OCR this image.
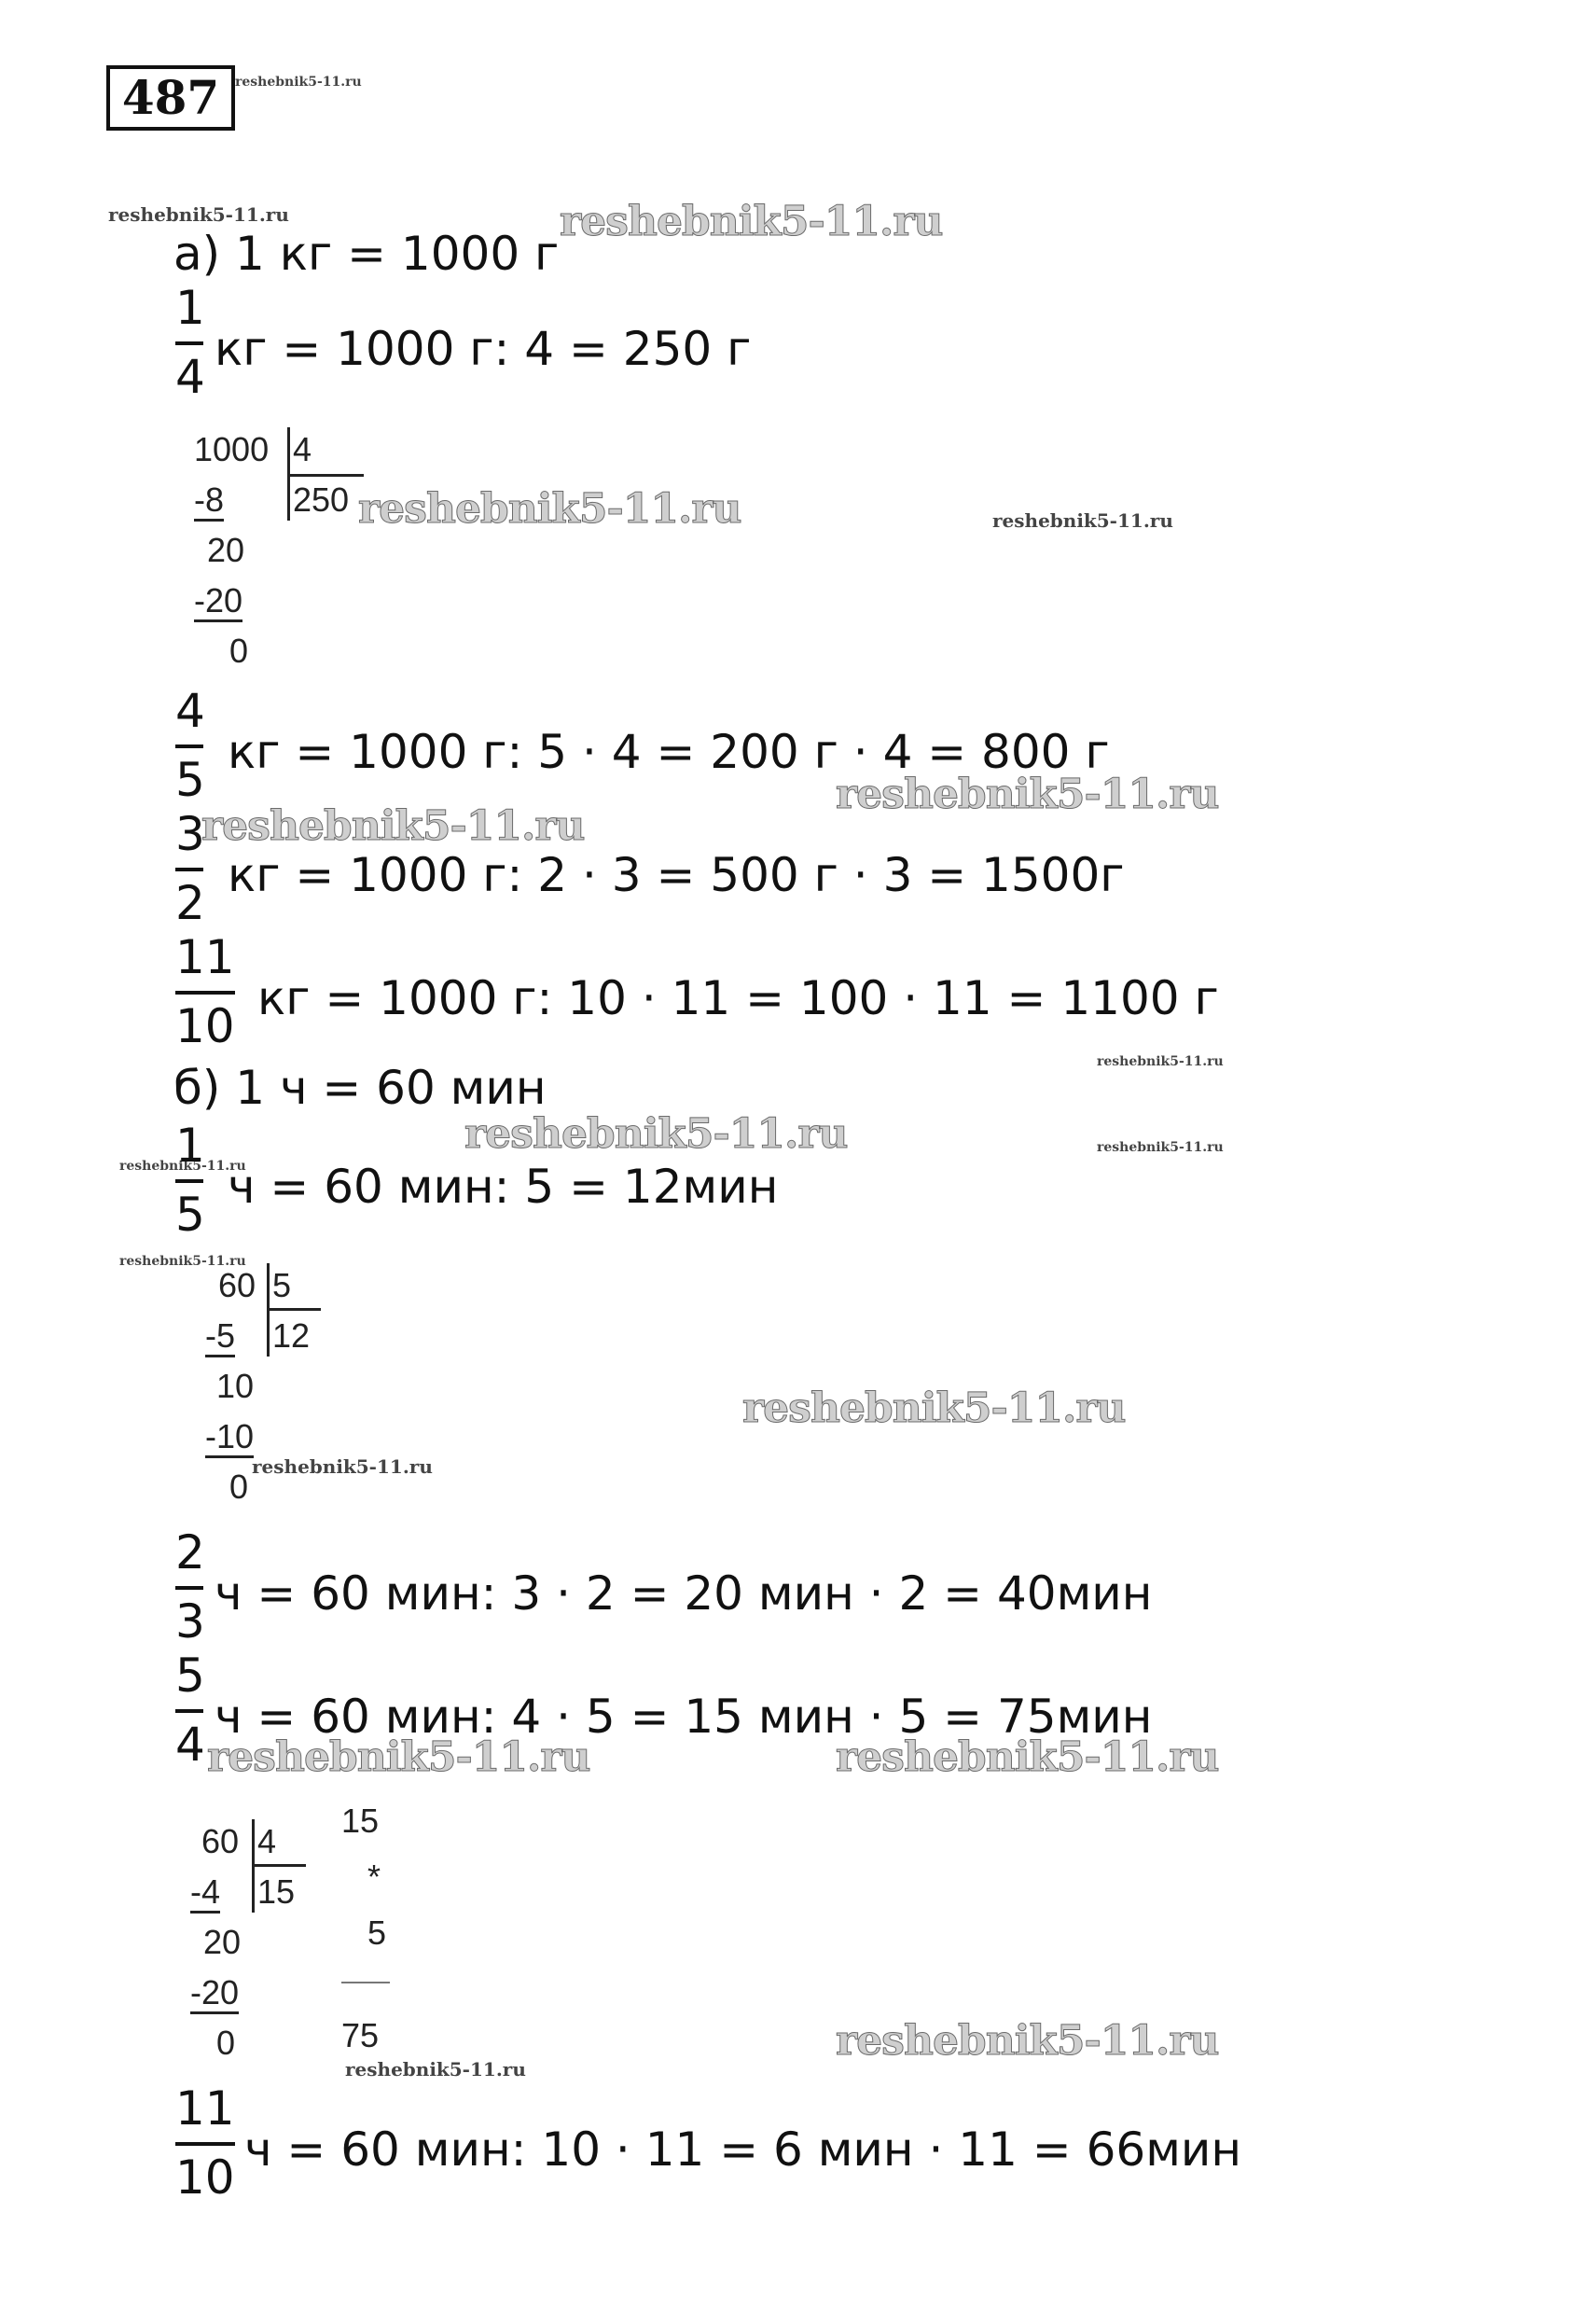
487	reshebnik5-11.ru
reshebnik5-11.ru
а) 1 кг = 1000 г
reshebnik5-11.ru
1
4
кг = 1000 г: 4 = 250 г
1000 4
250
-8
20
-20
0
reshebnik5-11.ru	reshebnik5-11.ru
4
5
кг = 1000 г: 5 · 4 = 200 г · 4 = 800 г
reshebnik5-11.ru
reshebnik5-11.ru
3
2
кг = 1000 г: 2 · 3 = 500 г · 3 = 1500г
11
10
кг = 1000 г: 10 · 11 = 100 · 11 = 1100 г
б) 1 ч = 60 мин	reshebnik5-11.ru
reshebnik5-11.ru	reshebnik5-11.ru
reshebnik5-11.ru
1
5
ч = 60 мин: 5 = 12мин
reshebnik5-11.ru
60 5
12
-5
10
-10
0
reshebnik5-11.ru
reshebnik5-11.ru
2
3
ч = 60 мин: 3 · 2 = 20 мин · 2 = 40мин
5
4
ч = 60 мин: 4 · 5 = 15 мин · 5 = 75мин
reshebnik5-11.ru	reshebnik5-11.ru
60 4
15
-4
20
-20
0
15
*
5
75	reshebnik5-11.ru
reshebnik5-11.ru
11
10
ч = 60 мин: 10 · 11 = 6 мин · 11 = 66мин
